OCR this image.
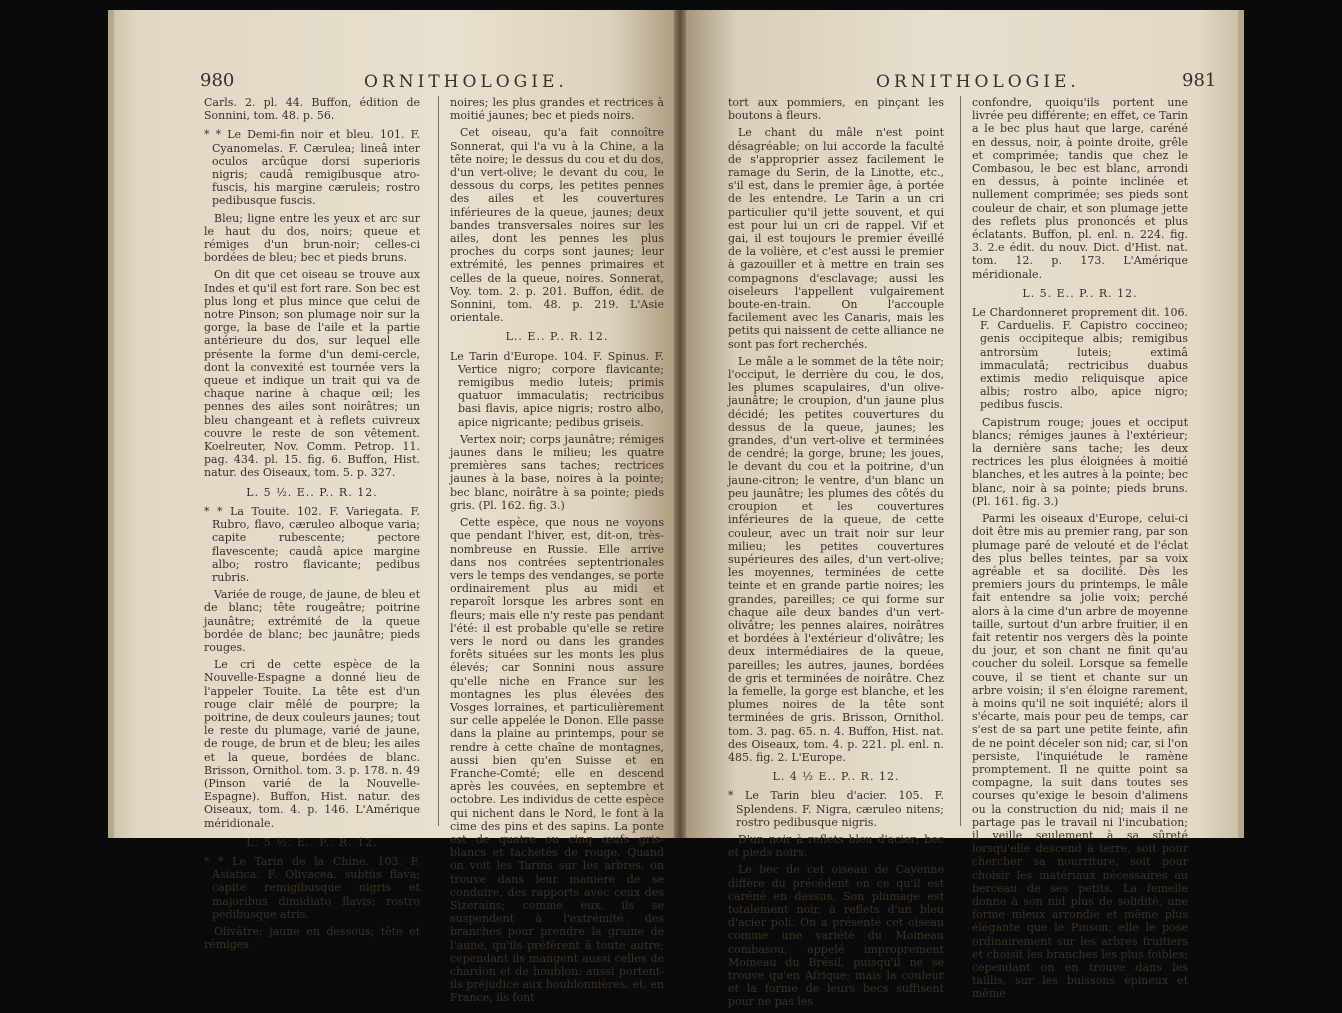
980	ORNITHOLOGIE.

Carls. 2. pl. 44. Buffon, édition de Sonnini, tom. 48. p. 56.

* * Le Demi-fin noir et bleu. 101. F. Cyanomelas. F. Cærulea; lineâ inter oculos arcûque dorsi superioris nigris; caudâ remigibusque atro-fuscis, his margine cæruleis; rostro pedibusque fuscis.

Bleu; ligne entre les yeux et arc sur le haut du dos, noirs; queue et rémiges d'un brun-noir; celles-ci bordées de bleu; bec et pieds bruns.

On dit que cet oiseau se trouve aux Indes et qu'il est fort rare. Son bec est plus long et plus mince que celui de notre Pinson; son plumage noir sur la gorge, la base de l'aile et la partie antérieure du dos, sur lequel elle présente la forme d'un demi-cercle, dont la convexité est tournée vers la queue et indique un trait qui va de chaque narine à chaque œil; les pennes des ailes sont noirâtres; un bleu changeant et à reflets cuivreux couvre le reste de son vêtement. Koelreuter, Nov. Comm. Petrop. 11. pag. 434. pl. 15. fig. 6. Buffon, Hist. natur. des Oiseaux, tom. 5. p. 327.

L. 5 ½. E.. P.. R. 12.

* * La Touite. 102. F. Variegata. F. Rubro, flavo, cæruleo alboque varia; capite rubescente; pectore flavescente; caudâ apice margine albo; rostro flavicante; pedibus rubris.

Variée de rouge, de jaune, de bleu et de blanc; tête rougeâtre; poitrine jaunâtre; extrémité de la queue bordée de blanc; bec jaunâtre; pieds rouges.

Le cri de cette espèce de la Nouvelle-Espagne a donné lieu de l'appeler Touite. La tête est d'un rouge clair mêlé de pourpre; la poitrine, de deux couleurs jaunes; tout le reste du plumage, varié de jaune, de rouge, de brun et de bleu; les ailes et la queue, bordées de blanc. Brisson, Ornithol. tom. 3. p. 178. n. 49 (Pinson varié de la Nouvelle-Espagne). Buffon, Hist. natur. des Oiseaux, tom. 4. p. 146. L'Amérique méridionale.

L. 5 ½. E.. P.. R. 12.

* * Le Tarin de la Chine. 103. F. Asiatica. F. Olivacea, subtùs flava; capite remigibusque nigris et majoribus dimidiato flavis; rostro pedibusque atris.

Olivâtre; jaune en dessous; tête et rémiges

noires; les plus grandes et rectrices à moitié jaunes; bec et pieds noirs.

Cet oiseau, qu'a fait connoître Sonnerat, qui l'a vu à la Chine, a la tête noire; le dessus du cou et du dos, d'un vert-olive; le devant du cou, le dessous du corps, les petites pennes des ailes et les couvertures inférieures de la queue, jaunes; deux bandes transversales noires sur les ailes, dont les pennes les plus proches du corps sont jaunes; leur extrémité, les pennes primaires et celles de la queue, noires. Sonnerat, Voy. tom. 2. p. 201. Buffon, édit. de Sonnini, tom. 48. p. 219. L'Asie orientale.

L.. E.. P.. R. 12.

Le Tarin d'Europe. 104. F. Spinus. F. Vertice nigro; corpore flavicante; remigibus medio luteis; primis quatuor immaculatis; rectricibus basi flavis, apice nigris; rostro albo, apice nigricante; pedibus griseis.

Vertex noir; corps jaunâtre; rémiges jaunes dans le milieu; les quatre premières sans taches; rectrices jaunes à la base, noires à la pointe; bec blanc, noirâtre à sa pointe; pieds gris. (Pl. 162. fig. 3.)

Cette espèce, que nous ne voyons que pendant l'hiver, est, dit-on, très-nombreuse en Russie. Elle arrive dans nos contrées septentrionales vers le temps des vendanges, se porte ordinairement plus au midi et reparoît lorsque les arbres sont en fleurs; mais elle n'y reste pas pendant l'été: il est probable qu'elle se retire vers le nord ou dans les grandes forêts situées sur les monts les plus élevés; car Sonnini nous assure qu'elle niche en France sur les montagnes les plus élevées des Vosges lorraines, et particulièrement sur celle appelée le Donon. Elle passe dans la plaine au printemps, pour se rendre à cette chaîne de montagnes, aussi bien qu'en Suisse et en Franche-Comté; elle en descend après les couvées, en septembre et octobre. Les individus de cette espèce qui nichent dans le Nord, le font à la cime des pins et des sapins. La ponte est de quatre ou cinq œufs gris-blancs et tachetés de rouge. Quand on voit les Tarins sur les arbres, on trouve dans leur manière de se conduire, des rapports avec ceux des Sizerains; comme eux, ils se suspendent à l'extrémité des branches pour prendre la graine de l'aune, qu'ils préfèrent à toute autre; cependant ils mangent aussi celles de chardon et de houblon: aussi portent-ils préjudice aux houblonnières, et, en France, ils font

981
ORNITHOLOGIE.

tort aux pommiers, en pinçant les boutons à fleurs.

Le chant du mâle n'est point désagréable; on lui accorde la faculté de s'approprier assez facilement le ramage du Serin, de la Linotte, etc., s'il est, dans le premier âge, à portée de les entendre. Le Tarin a un cri particulier qu'il jette souvent, et qui est pour lui un cri de rappel. Vif et gai, il est toujours le premier éveillé de la volière, et c'est aussi le premier à gazouiller et à mettre en train ses compagnons d'esclavage; aussi les oiseleurs l'appellent vulgairement boute-en-train. On l'accouple facilement avec les Canaris, mais les petits qui naissent de cette alliance ne sont pas fort recherchés.

Le mâle a le sommet de la tête noir; l'occiput, le derrière du cou, le dos, les plumes scapulaires, d'un olive-jaunâtre; le croupion, d'un jaune plus décidé; les petites couvertures du dessus de la queue, jaunes; les grandes, d'un vert-olive et terminées de cendré; la gorge, brune; les joues, le devant du cou et la poitrine, d'un jaune-citron; le ventre, d'un blanc un peu jaunâtre; les plumes des côtés du croupion et les couvertures inférieures de la queue, de cette couleur, avec un trait noir sur leur milieu; les petites couvertures supérieures des ailes, d'un vert-olive; les moyennes, terminées de cette teinte et en grande partie noires; les grandes, pareilles; ce qui forme sur chaque aile deux bandes d'un vert-olivâtre; les pennes alaires, noirâtres et bordées à l'extérieur d'olivâtre; les deux intermédiaires de la queue, pareilles; les autres, jaunes, bordées de gris et terminées de noirâtre. Chez la femelle, la gorge est blanche, et les plumes noires de la tête sont terminées de gris. Brisson, Ornithol. tom. 3. pag. 65. n. 4. Buffon, Hist. nat. des Oiseaux, tom. 4. p. 221. pl. enl. n. 485. fig. 2. L'Europe.

L. 4 ½ E.. P.. R. 12.

* Le Tarin bleu d'acier. 105. F. Splendens. F. Nigra, cæruleo nitens; rostro pedibusque nigris.

D'un noir à reflets bleu d'acier; bec et pieds noirs.

Le bec de cet oiseau de Cayenne diffère du précédent en ce qu'il est caréné en dessus. Son plumage est totalement noir, à reflets d'un bleu d'acier poli. On a présenté cet oiseau comme une variété du Moineau combasou, appelé improprement Moineau du Brésil, puisqu'il ne se trouve qu'en Afrique; mais la couleur et la forme de leurs becs suffisent pour ne pas les

confondre, quoiqu'ils portent une livrée peu différente; en effet, ce Tarin a le bec plus haut que large, caréné en dessus, noir, à pointe droite, grêle et comprimée; tandis que chez le Combasou, le bec est blanc, arrondi en dessus, à pointe inclinée et nullement comprimée; ses pieds sont couleur de chair, et son plumage jette des reflets plus prononcés et plus éclatants. Buffon, pl. enl. n. 224. fig. 3. 2.e édit. du nouv. Dict. d'Hist. nat. tom. 12. p. 173. L'Amérique méridionale.

L. 5. E.. P.. R. 12.

Le Chardonneret proprement dit. 106. F. Carduelis. F. Capistro coccineo; genis occipiteque albis; remigibus antrorsùm luteis; extimâ immaculatâ; rectricibus duabus extimis medio reliquisque apice albis; rostro albo, apice nigro; pedibus fuscis.

Capistrum rouge; joues et occiput blancs; rémiges jaunes à l'extérieur; la dernière sans tache; les deux rectrices les plus éloignées à moitié blanches, et les autres à la pointe; bec blanc, noir à sa pointe; pieds bruns. (Pl. 161. fig. 3.)

Parmi les oiseaux d'Europe, celui-ci doit être mis au premier rang, par son plumage paré de velouté et de l'éclat des plus belles teintes, par sa voix agréable et sa docilité. Dès les premiers jours du printemps, le mâle fait entendre sa jolie voix; perché alors à la cime d'un arbre de moyenne taille, surtout d'un arbre fruitier, il en fait retentir nos vergers dès la pointe du jour, et son chant ne finit qu'au coucher du soleil. Lorsque sa femelle couve, il se tient et chante sur un arbre voisin; il s'en éloigne rarement, à moins qu'il ne soit inquiété; alors il s'écarte, mais pour peu de temps, car s'est de sa part une petite feinte, afin de ne point déceler son nid; car, si l'on persiste, l'inquiétude le ramène promptement. Il ne quitte point sa compagne, la suit dans toutes ses courses qu'exige le besoin d'alimens ou la construction du nid; mais il ne partage pas le travail ni l'incubation; il veille seulement à sa sûreté lorsqu'elle descend à terre, soit pour chercher sa nourriture, soit pour choisir les matériaux nécessaires au berceau de ses petits. La femelle donne à son nid plus de solidité, une forme mieux arrondie et même plus élégante que le Pinson; elle le pose ordinairement sur les arbres fruitiers et choisit les branches les plus foibles; cependant on en trouve dans les taillis, sur les buissons épineux et même
